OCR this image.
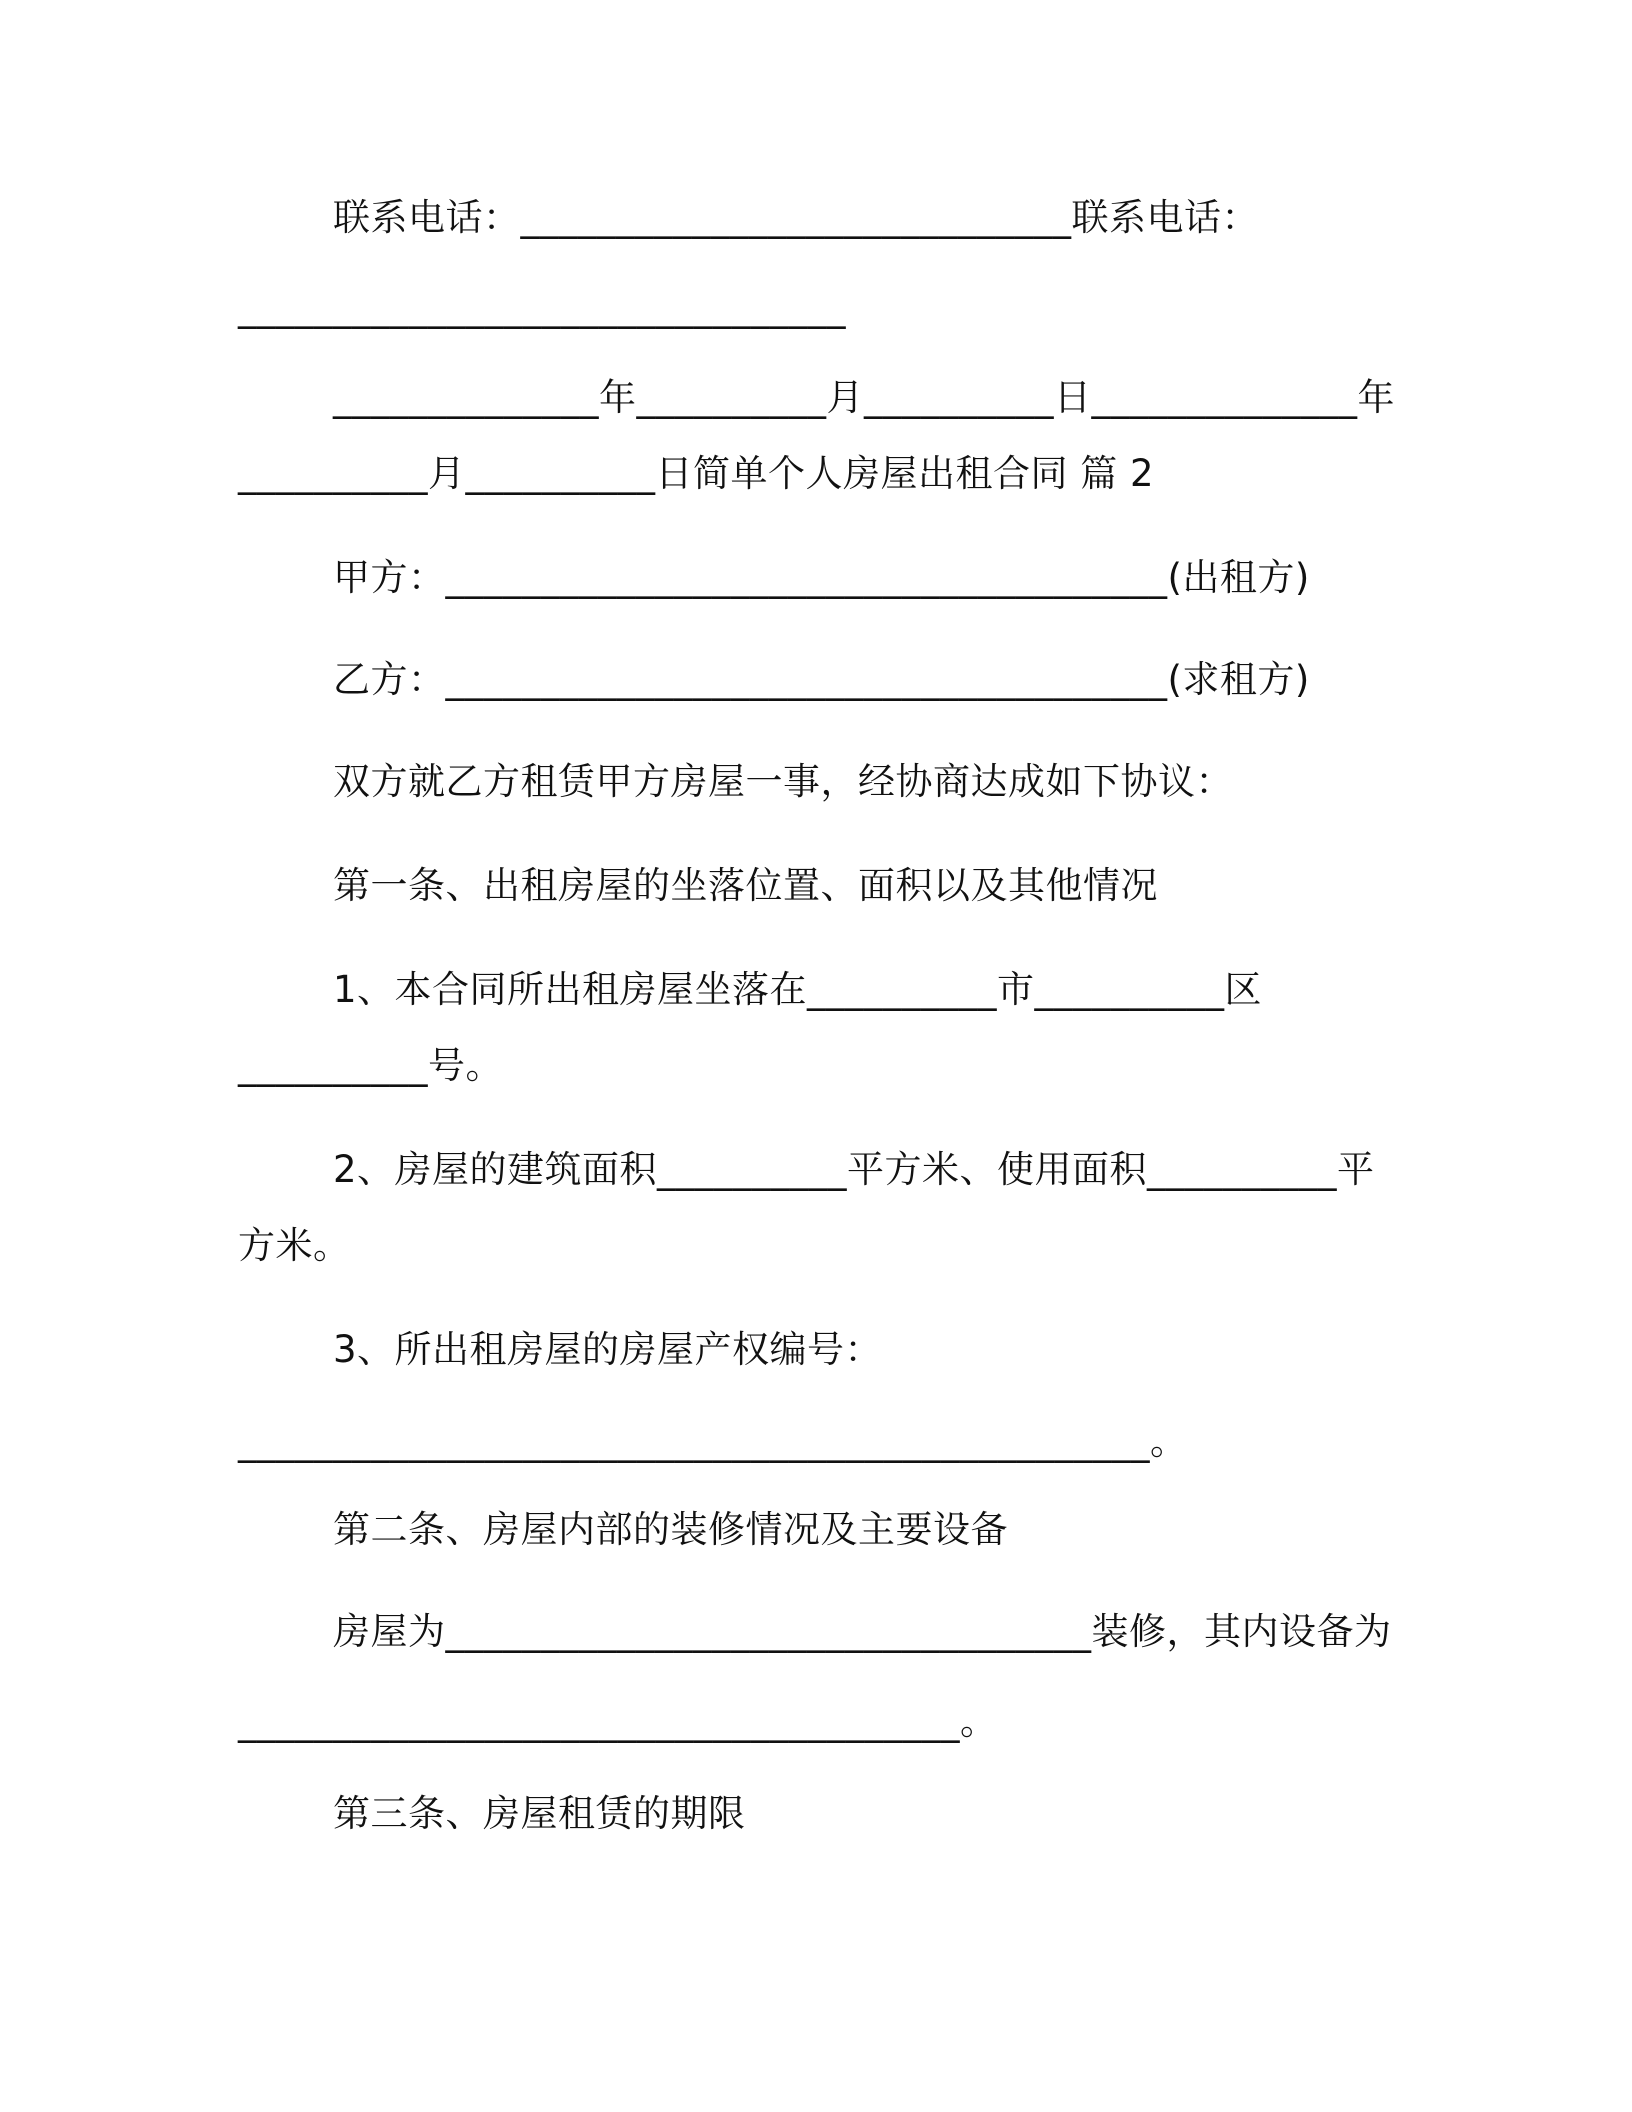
联系电话：_____________________________联系电话：

________________________________

______________年__________月__________日______________年

__________月__________日简单个人房屋出租合同 篇 2

甲方：______________________________________(出租方)

乙方：______________________________________(求租方)

双方就乙方租赁甲方房屋一事，经协商达成如下协议：

第一条、出租房屋的坐落位置、面积以及其他情况

1、本合同所出租房屋坐落在__________市__________区

__________号。

2、房屋的建筑面积__________平方米、使用面积__________平

方米。

3、所出租房屋的房屋产权编号：

________________________________________________。

第二条、房屋内部的装修情况及主要设备

房屋为__________________________________装修，其内设备为

______________________________________。

第三条、房屋租赁的期限
